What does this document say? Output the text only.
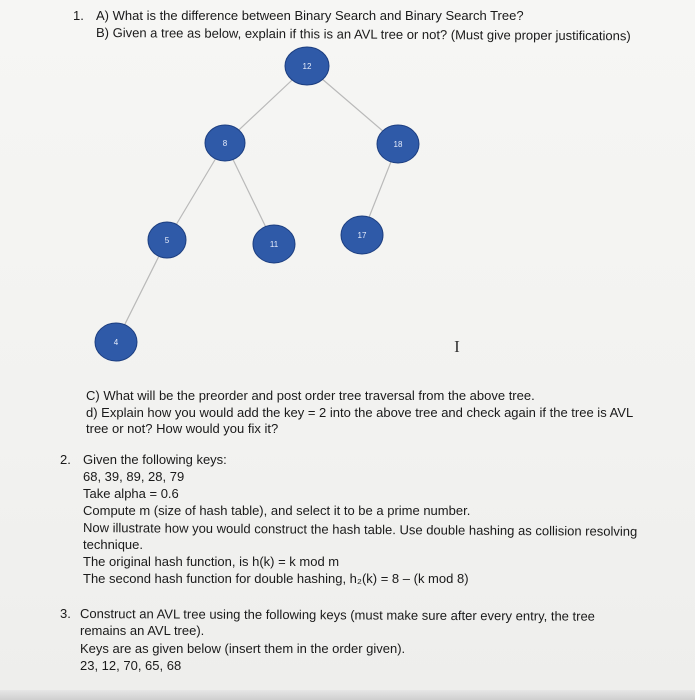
1. A) What is the difference between Binary Search and Binary Search Tree?
B) Given a tree as below, explain if this is an AVL tree or not? (Must give proper justifications)
12
8	18
5	11
17
4	I
C) What will be the preorder and post order tree traversal from the above tree.
d) Explain how you would add the key = 2 into the above tree and check again if the tree is AVL
tree or not? How would you fix it?
2. Given the following keys:
68, 39, 89, 28, 79
Take alpha = 0.6
Compute m (size of hash table), and select it to be a prime number.
Now illustrate how you would construct the hash table. Use double hashing as collision resolving
technique.
The original hash function, is h(k) = k mod m
The second hash function for double hashing, h₂(k) = 8 – (k mod 8)
3. Construct an AVL tree using the following keys (must make sure after every entry, the tree
remains an AVL tree).
Keys are as given below (insert them in the order given).
23, 12, 70, 65, 68
